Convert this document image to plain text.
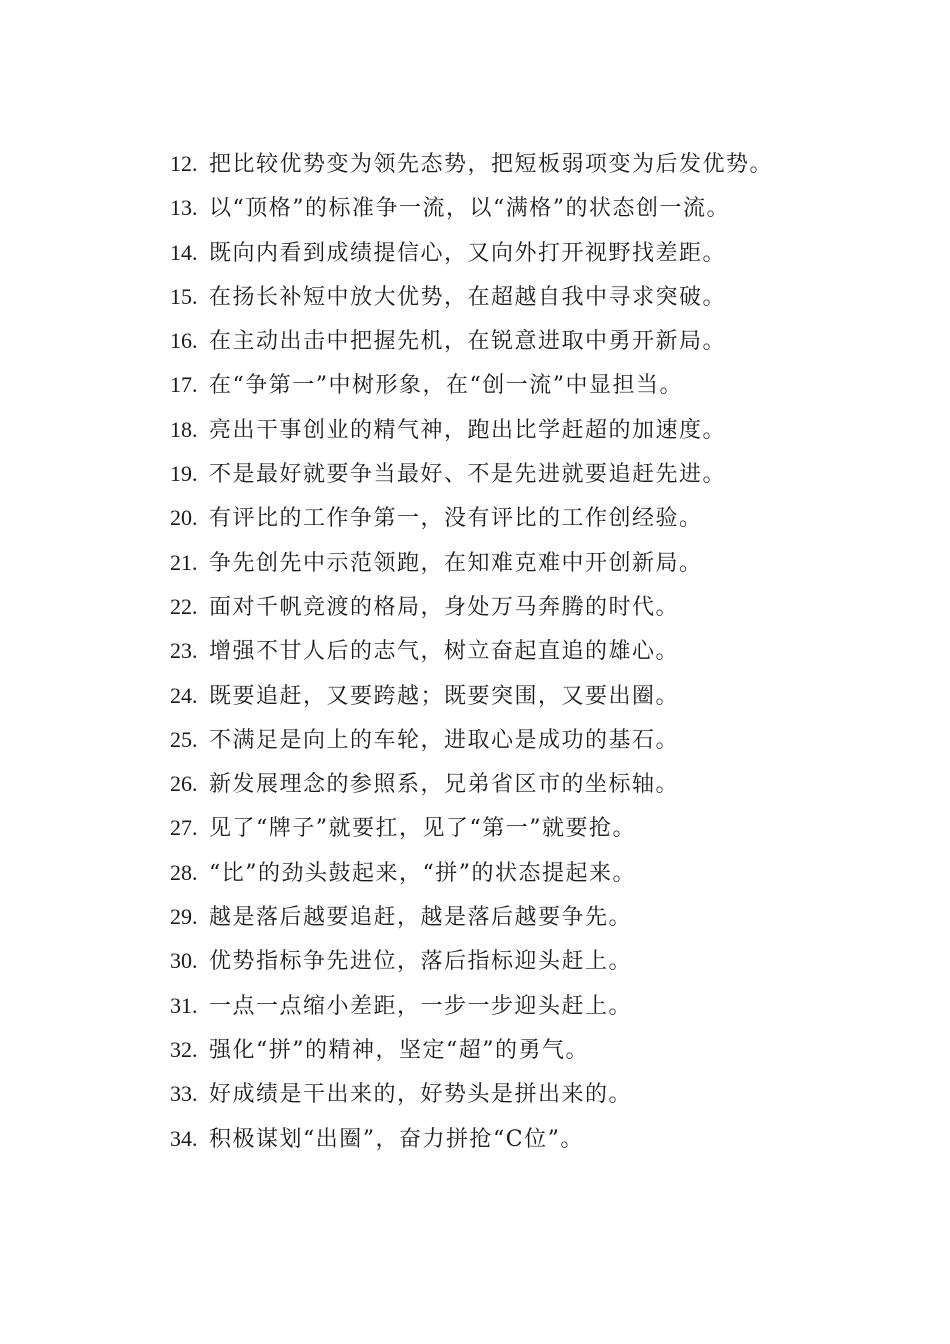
12. 把比较优势变为领先态势，把短板弱项变为后发优势。
13. 以“顶格”的标准争一流，以“满格”的状态创一流。
14. 既向内看到成绩提信心，又向外打开视野找差距。
15. 在扬长补短中放大优势，在超越自我中寻求突破。
16. 在主动出击中把握先机，在锐意进取中勇开新局。
17. 在“争第一”中树形象，在“创一流”中显担当。
18. 亮出干事创业的精气神，跑出比学赶超的加速度。
19. 不是最好就要争当最好、不是先进就要追赶先进。
20. 有评比的工作争第一，没有评比的工作创经验。
21. 争先创先中示范领跑，在知难克难中开创新局。
22. 面对千帆竞渡的格局，身处万马奔腾的时代。
23. 增强不甘人后的志气，树立奋起直追的雄心。
24. 既要追赶，又要跨越；既要突围，又要出圈。
25. 不满足是向上的车轮，进取心是成功的基石。
26. 新发展理念的参照系，兄弟省区市的坐标轴。
27. 见了“牌子”就要扛，见了“第一”就要抢。
28. “比”的劲头鼓起来，“拼”的状态提起来。
29. 越是落后越要追赶，越是落后越要争先。
30. 优势指标争先进位，落后指标迎头赶上。
31. 一点一点缩小差距，一步一步迎头赶上。
32. 强化“拼”的精神，坚定“超”的勇气。
33. 好成绩是干出来的，好势头是拼出来的。
34. 积极谋划“出圈”，奋力拼抢“C位”。
